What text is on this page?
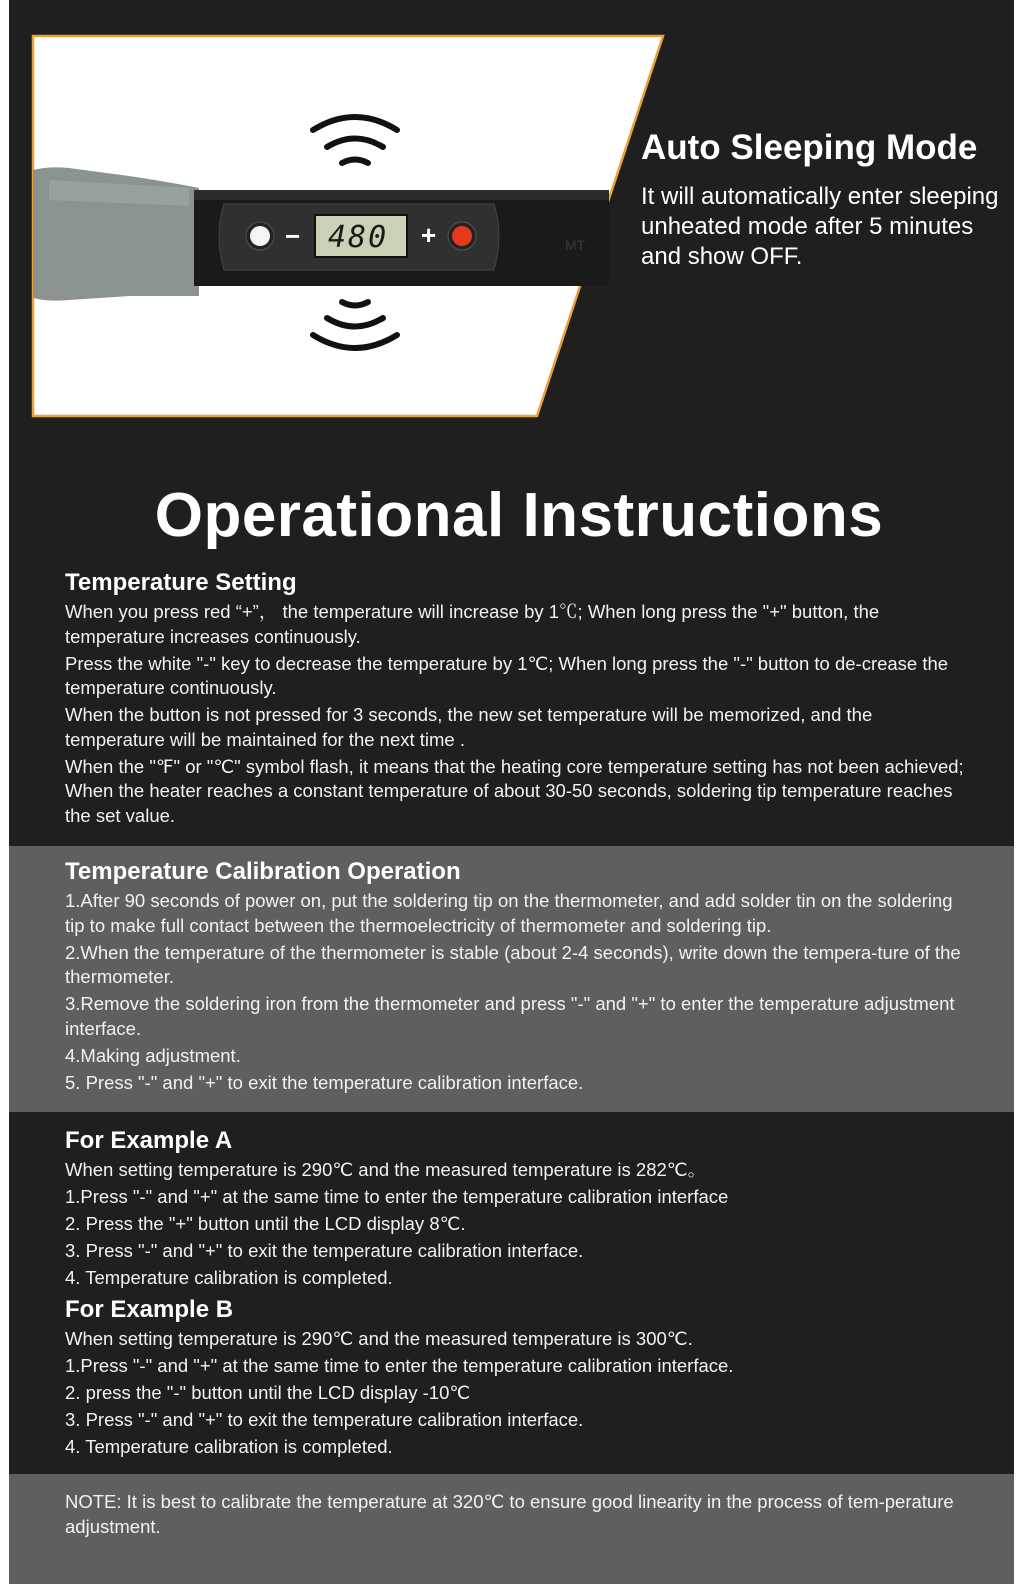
MT
− 480 +
Auto Sleeping Mode

It will automatically enter sleeping unheated mode after 5 minutes and show OFF.

Operational Instructions
Temperature Setting

When you press red “+”， the temperature will increase by 1℃; When long press the "+" button, the temperature increases continuously.

Press the white "-" key to decrease the temperature by 1℃; When long press the "-" button to de-crease the temperature continuously.

When the button is not pressed for 3 seconds, the new set temperature will be memorized, and the temperature will be maintained for the next time .

When the "℉" or "℃" symbol flash, it means that the heating core temperature setting has not been achieved; When the heater reaches a constant temperature of about 30-50 seconds, soldering tip temperature reaches the set value.

Temperature Calibration Operation

1.After 90 seconds of power on, put the soldering tip on the thermometer, and add solder tin on the soldering tip to make full contact between the thermoelectricity of thermometer and soldering tip.

2.When the temperature of the thermometer is stable (about 2-4 seconds), write down the tempera-ture of the thermometer.

3.Remove the soldering iron from the thermometer and press "-" and "+" to enter the temperature adjustment interface.

4.Making adjustment.

5. Press "-" and "+" to exit the temperature calibration interface.

For Example A

When setting temperature is 290℃ and the measured temperature is 282℃。

1.Press "-" and "+" at the same time to enter the temperature calibration interface

2. Press the "+" button until the LCD display 8℃.

3. Press "-" and "+" to exit the temperature calibration interface.

4. Temperature calibration is completed.

For Example B

When setting temperature is 290℃ and the measured temperature is 300℃.

1.Press "-" and "+" at the same time to enter the temperature calibration interface.

2. press the "-" button until the LCD display -10℃

3. Press "-" and "+" to exit the temperature calibration interface.

4. Temperature calibration is completed.

NOTE: It is best to calibrate the temperature at 320℃ to ensure good linearity in the process of tem-perature adjustment.
